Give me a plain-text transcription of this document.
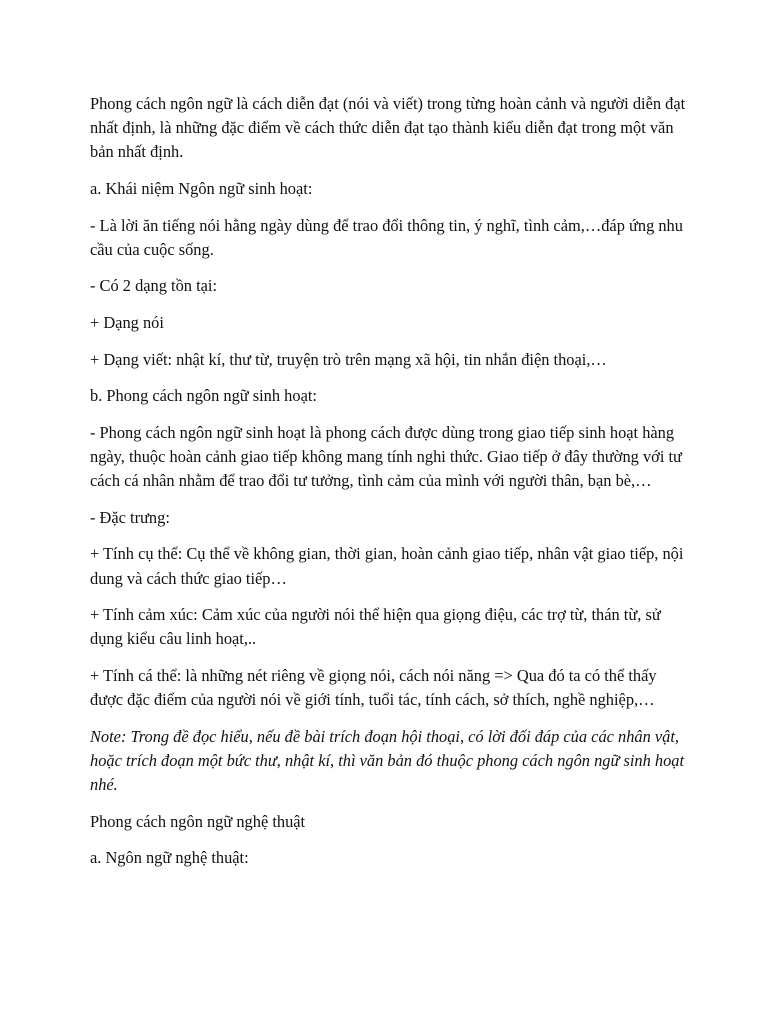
Phong cách ngôn ngữ là cách diễn đạt (nói và viết) trong từng hoàn cảnh và người diễn đạt nhất định, là những đặc điểm về cách thức diễn đạt tạo thành kiểu diễn đạt trong một văn bản nhất định.

a. Khái niệm Ngôn ngữ sinh hoạt:

- Là lời ăn tiếng nói hằng ngày dùng để trao đổi thông tin, ý nghĩ, tình cảm,…đáp ứng nhu cầu của cuộc sống.

- Có 2 dạng tồn tại:

+ Dạng nói

+ Dạng viết: nhật kí, thư từ, truyện trò trên mạng xã hội, tin nhắn điện thoại,…

b. Phong cách ngôn ngữ sinh hoạt:

- Phong cách ngôn ngữ sinh hoạt là phong cách được dùng trong giao tiếp sinh hoạt hàng ngày, thuộc hoàn cảnh giao tiếp không mang tính nghi thức. Giao tiếp ở đây thường với tư cách cá nhân nhằm để trao đổi tư tưởng, tình cảm của mình với người thân, bạn bè,…

- Đặc trưng:

+ Tính cụ thể: Cụ thể về không gian, thời gian, hoàn cảnh giao tiếp, nhân vật giao tiếp, nội dung và cách thức giao tiếp…

+ Tính cảm xúc: Cảm xúc của người nói thể hiện qua giọng điệu, các trợ từ, thán từ, sử dụng kiểu câu linh hoạt,..

+ Tính cá thể: là những nét riêng về giọng nói, cách nói năng => Qua đó ta có thể thấy được đặc điểm của người nói về giới tính, tuổi tác, tính cách, sở thích, nghề nghiệp,…

Note: Trong đề đọc hiểu, nếu đề bài trích đoạn hội thoại, có lời đối đáp của các nhân vật, hoặc trích đoạn một bức thư, nhật kí, thì văn bản đó thuộc phong cách ngôn ngữ sinh hoạt nhé.

Phong cách ngôn ngữ nghệ thuật

a. Ngôn ngữ nghệ thuật:
